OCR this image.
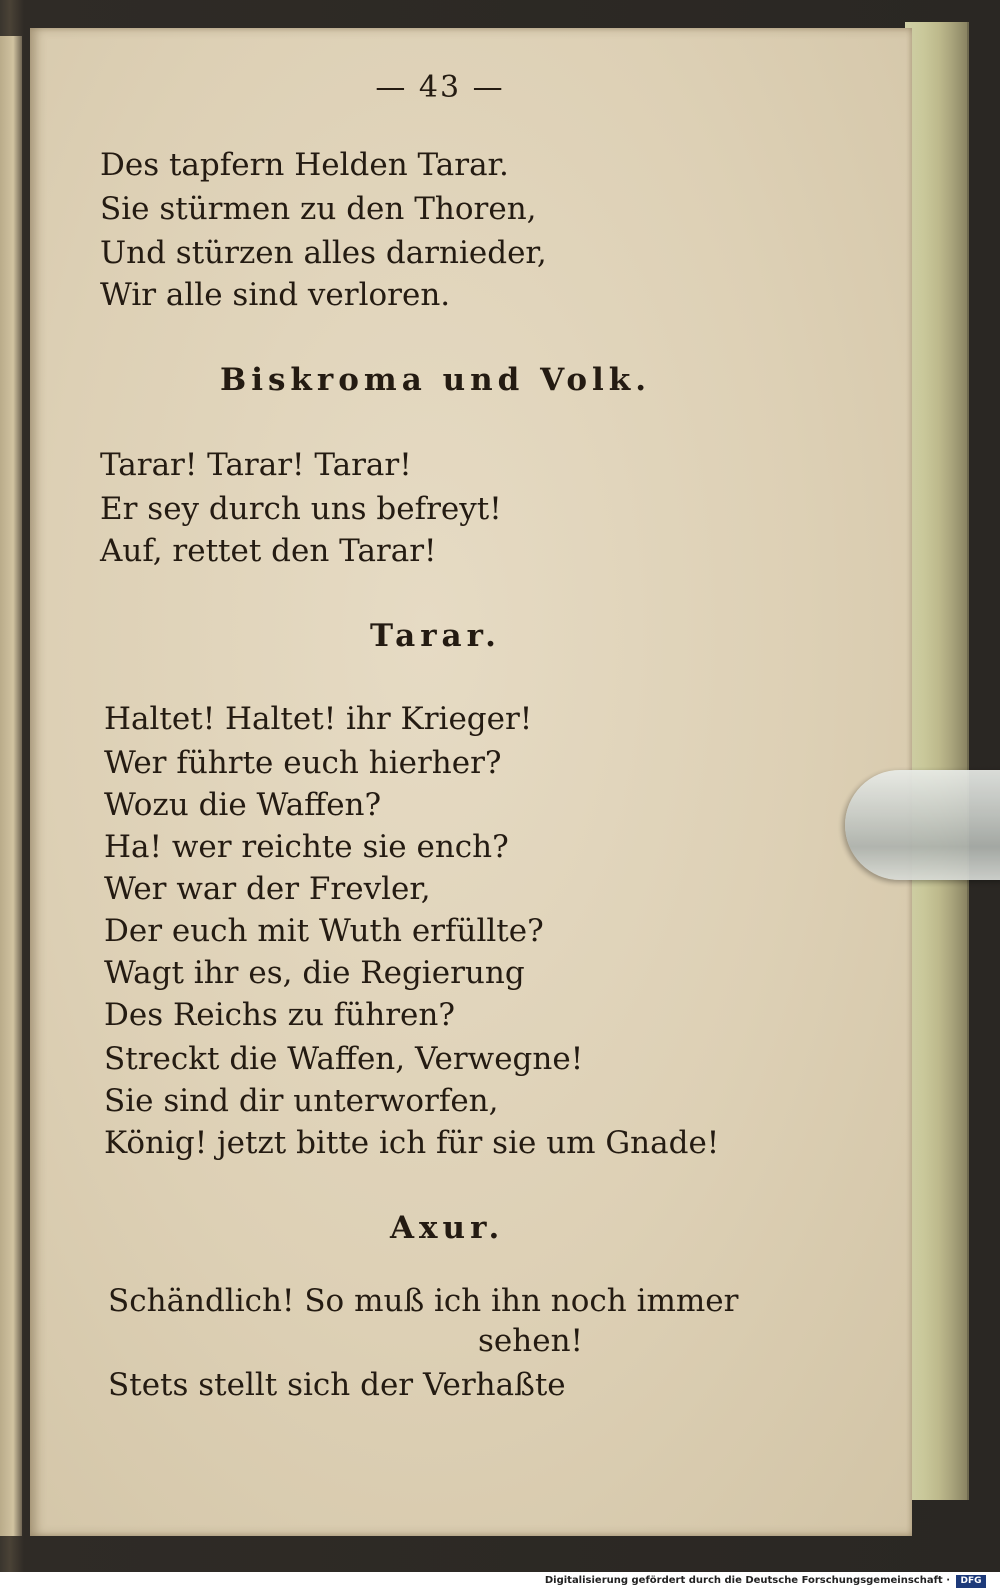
— 43 —
Des tapfern Helden Tarar.
Sie stürmen zu den Thoren,
Und stürzen alles darnieder,
Wir alle sind verloren.
Biskroma und Volk.
Tarar! Tarar! Tarar!
Er sey durch uns befreyt!
Auf, rettet den Tarar!
Tarar.
Haltet! Haltet! ihr Krieger!
Wer führte euch hierher?
Wozu die Waffen?
Ha! wer reichte sie ench?
Wer war der Frevler,
Der euch mit Wuth erfüllte?
Wagt ihr es, die Regierung
Des Reichs zu führen?
Streckt die Waffen, Verwegne!
Sie sind dir unterworfen,
König! jetzt bitte ich für sie um Gnade!
Axur.
Schändlich! So muß ich ihn noch immer
sehen!
Stets stellt sich der Verhaßte
Digitalisierung gefördert durch die Deutsche Forschungsgemeinschaft ·	DFG
